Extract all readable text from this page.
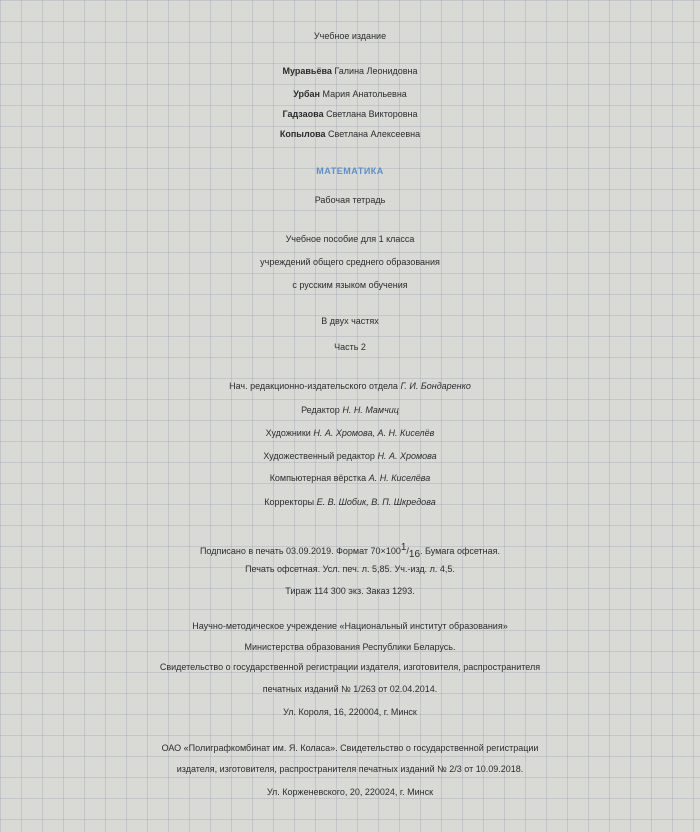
Учебное издание
Муравьёва Галина Леонидовна
Урбан Мария Анатольевна
Гадзаова Светлана Викторовна
Копылова Светлана Алексеевна
МАТЕМАТИКА
Рабочая тетрадь
Учебное пособие для 1 класса
учреждений общего среднего образования
с русским языком обучения
В двух частях
Часть 2
Нач. редакционно-издательского отдела Г. И. Бондаренко
Редактор Н. Н. Мамчиц
Художники Н. А. Хромова, А. Н. Киселёв
Художественный редактор Н. А. Хромова
Компьютерная вёрстка А. Н. Киселёва
Корректоры Е. В. Шобик, В. П. Шкредова
Подписано в печать 03.09.2019. Формат $70\times 100^1/_{16}$. Бумага офсетная.
Печать офсетная. Усл. печ. л. 5,85. Уч.-изд. л. 4,5.
Тираж 114 300 экз. Заказ 1293.
Научно-методическое учреждение «Национальный институт образования»
Министерства образования Республики Беларусь.
Свидетельство о государственной регистрации издателя, изготовителя, распространителя
печатных изданий № 1/263 от 02.04.2014.
Ул. Короля, 16, 220004, г. Минск
ОАО «Полиграфкомбинат им. Я. Коласа». Свидетельство о государственной регистрации
издателя, изготовителя, распространителя печатных изданий № 2/3 от 10.09.2018.
Ул. Корженевского, 20, 220024, г. Минск
